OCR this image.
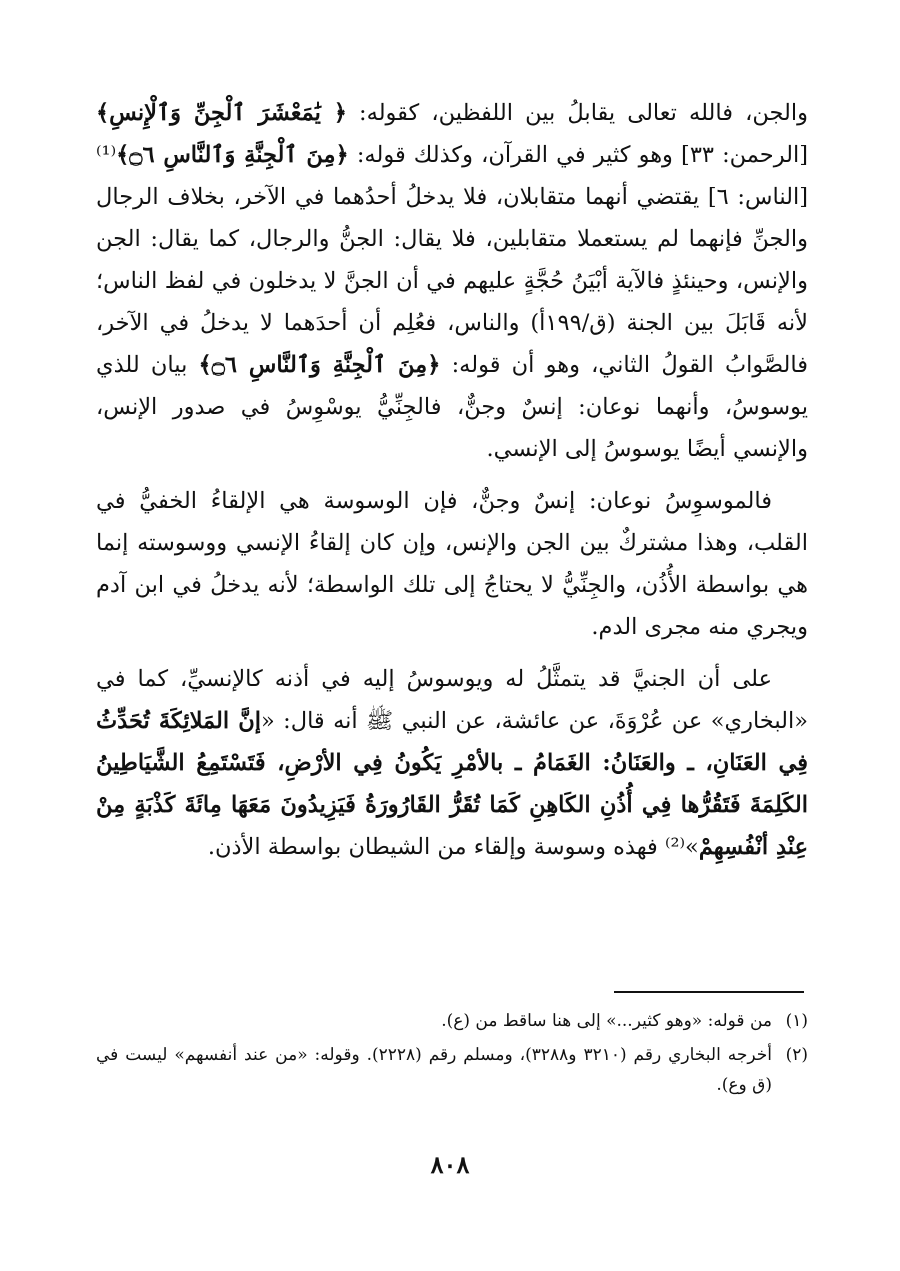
والجن، فالله تعالى يقابلُ بين اللفظين، كقوله: ﴿ يَٰمَعْشَرَ ٱلْجِنِّ وَٱلْإِنسِ﴾ [الرحمن: ٣٣] وهو كثير في القرآن، وكذلك قوله: ﴿مِنَ ٱلْجِنَّةِ وَٱلنَّاسِ ۝٦﴾⁽¹⁾ [الناس: ٦] يقتضي أنهما متقابلان، فلا يدخلُ أحدُهما في الآخر، بخلاف الرجال والجنِّ فإنهما لم يستعملا متقابلين، فلا يقال: الجنُّ والرجال، كما يقال: الجن والإنس، وحينئذٍ فالآية أبْيَنُ حُجَّةٍ عليهم في أن الجنَّ لا يدخلون في لفظ الناس؛ لأنه قَابَلَ بين الجنة (ق/١٩٩أ) والناس، فعُلِم أن أحدَهما لا يدخلُ في الآخر، فالصَّوابُ القولُ الثاني، وهو أن قوله: ﴿مِنَ ٱلْجِنَّةِ وَٱلنَّاسِ ۝٦﴾ بيان للذي يوسوسُ، وأنهما نوعان: إنسٌ وجنٌّ، فالجِنِّيُّ يوسْوِسُ في صدور الإنس، والإنسي أيضًا يوسوسُ إلى الإنسي.

فالموسوِسُ نوعان: إنسٌ وجنٌّ، فإن الوسوسة هي الإلقاءُ الخفيُّ في القلب، وهذا مشتركٌ بين الجن والإنس، وإن كان إلقاءُ الإنسي ووسوسته إنما هي بواسطة الأُذُن، والجِنِّيُّ لا يحتاجُ إلى تلك الواسطة؛ لأنه يدخلُ في ابن آدم ويجري منه مجرى الدم.

على أن الجنيَّ قد يتمثَّلُ له ويوسوسُ إليه في أذنه كالإنسيِّ، كما في «البخاري» عن عُرْوَةَ، عن عائشة، عن النبي ﷺ أنه قال: «إنَّ المَلائِكَةَ تُحَدِّثُ فِي العَنَانِ، ـ والعَنَانُ: الغَمَامُ ـ بالأمْرِ يَكُونُ فِي الأرْضِ، فَتَسْتَمِعُ الشَّيَاطِينُ الكَلِمَةَ فَتَقُرُّها فِي أُذُنِ الكَاهِنِ كَمَا تُقَرُّ القَارُورَةُ فَيَزِيدُونَ مَعَهَا مِائَةَ كَذْبَةٍ مِنْ عِنْدِ أنْفُسِهِمْ»⁽²⁾ فهذه وسوسة وإلقاء من الشيطان بواسطة الأذن.

(١)
من قوله: «وهو كثير...» إلى هنا ساقط من (ع).
(٢)
أخرجه البخاري رقم (٣٢١٠ و٣٢٨٨)، ومسلم رقم (٢٢٢٨). وقوله: «من عند أنفسهم» ليست في (ق وع).
٨٠٨
